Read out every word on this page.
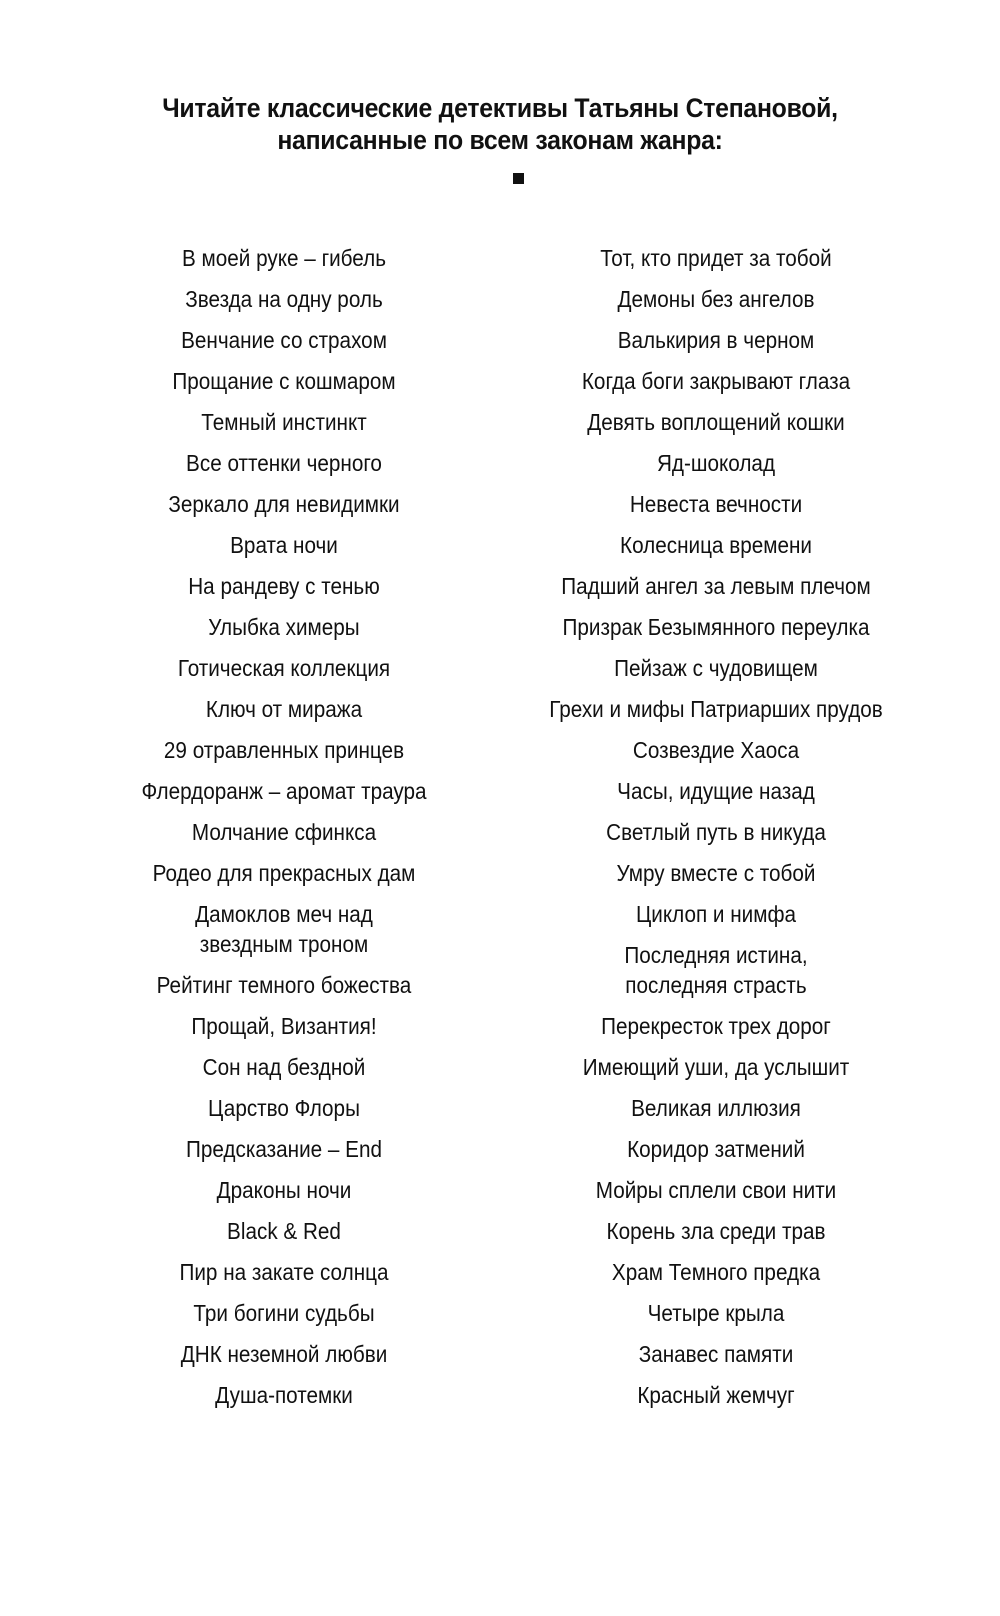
Читайте классические детективы Татьяны Степановой,
написанные по всем законам жанра:
В моей руке – гибель
Звезда на одну роль
Венчание со страхом
Прощание с кошмаром
Темный инстинкт
Все оттенки черного
Зеркало для невидимки
Врата ночи
На рандеву с тенью
Улыбка химеры
Готическая коллекция
Ключ от миража
29 отравленных принцев
Флердоранж – аромат траура
Молчание сфинкса
Родео для прекрасных дам
Дамоклов меч над
звездным троном
Рейтинг темного божества
Прощай, Византия!
Сон над бездной
Царство Флоры
Предсказание – End
Драконы ночи
Black & Red
Пир на закате солнца
Три богини судьбы
ДНК неземной любви
Душа-потемки
Тот, кто придет за тобой
Демоны без ангелов
Валькирия в черном
Когда боги закрывают глаза
Девять воплощений кошки
Яд-шоколад
Невеста вечности
Колесница времени
Падший ангел за левым плечом
Призрак Безымянного переулка
Пейзаж с чудовищем
Грехи и мифы Патриарших прудов
Созвездие Хаоса
Часы, идущие назад
Светлый путь в никуда
Умру вместе с тобой
Циклоп и нимфа
Последняя истина,
последняя страсть
Перекресток трех дорог
Имеющий уши, да услышит
Великая иллюзия
Коридор затмений
Мойры сплели свои нити
Корень зла среди трав
Храм Темного предка
Четыре крыла
Занавес памяти
Красный жемчуг
